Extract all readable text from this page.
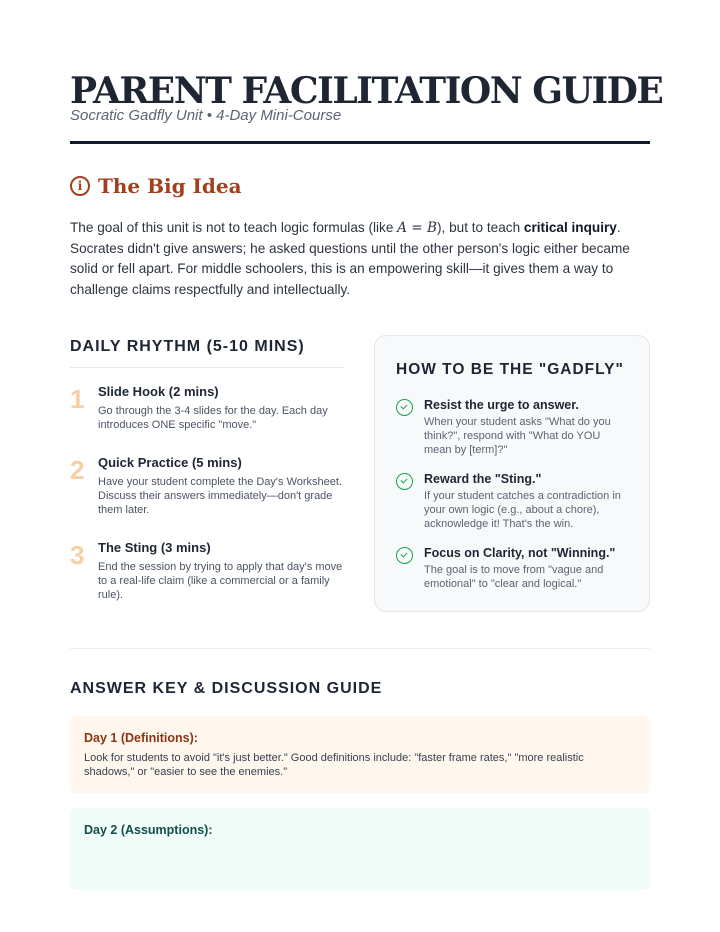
PARENT FACILITATION GUIDE
Socratic Gadfly Unit • 4-Day Mini-Course
i The Big Idea

The goal of this unit is not to teach logic formulas (like A = B), but to teach critical inquiry. Socrates didn't give answers; he asked questions until the other person's logic either became solid or fell apart. For middle schoolers, this is an empowering skill—it gives them a way to challenge claims respectfully and intellectually.

DAILY RHYTHM (5-10 MINS)
1 Slide Hook (2 mins)
Go through the 3-4 slides for the day. Each day introduces ONE specific "move."
2 Quick Practice (5 mins)
Have your student complete the Day's Worksheet. Discuss their answers immediately—don't grade them later.
3 The Sting (3 mins)
End the session by trying to apply that day's move to a real-life claim (like a commercial or a family rule).
HOW TO BE THE "GADFLY"
Resist the urge to answer.
When your student asks "What do you think?", respond with "What do YOU mean by [term]?"
Reward the "Sting."
If your student catches a contradiction in your own logic (e.g., about a chore), acknowledge it! That's the win.
Focus on Clarity, not "Winning."
The goal is to move from "vague and emotional" to "clear and logical."
ANSWER KEY & DISCUSSION GUIDE
Day 1 (Definitions):
Look for students to avoid "it's just better." Good definitions include: "faster frame rates," "more realistic shadows," or "easier to see the enemies."
Day 2 (Assumptions):
